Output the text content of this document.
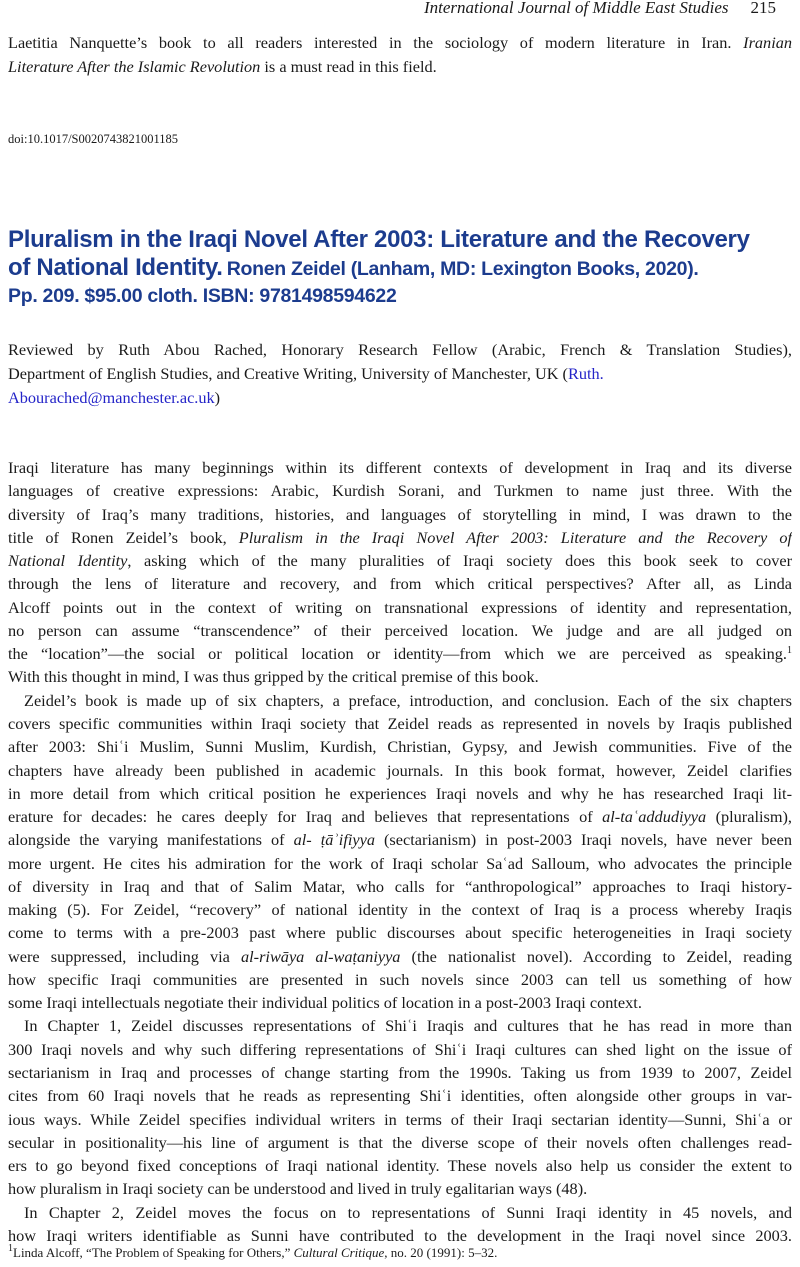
International Journal of Middle East Studies 215
Laetitia Nanquette’s book to all readers interested in the sociology of modern literature in Iran. Iranian
Literature After the Islamic Revolution is a must read in this field.
doi:10.1017/S0020743821001185
Pluralism in the Iraqi Novel After 2003: Literature and the Recovery
of National Identity. Ronen Zeidel (Lanham, MD: Lexington Books, 2020).
Pp. 209. $95.00 cloth. ISBN: 9781498594622
Reviewed by Ruth Abou Rached, Honorary Research Fellow (Arabic, French & Translation Studies),
Department of English Studies, and Creative Writing, University of Manchester, UK (Ruth.
Abourached@manchester.ac.uk)
Iraqi literature has many beginnings within its different contexts of development in Iraq and its diverse
languages of creative expressions: Arabic, Kurdish Sorani, and Turkmen to name just three. With the
diversity of Iraq’s many traditions, histories, and languages of storytelling in mind, I was drawn to the
title of Ronen Zeidel’s book, Pluralism in the Iraqi Novel After 2003: Literature and the Recovery of
National Identity, asking which of the many pluralities of Iraqi society does this book seek to cover
through the lens of literature and recovery, and from which critical perspectives? After all, as Linda
Alcoff points out in the context of writing on transnational expressions of identity and representation,
no person can assume “transcendence” of their perceived location. We judge and are all judged on
the “location”—the social or political location or identity—from which we are perceived as speaking.$^1$
With this thought in mind, I was thus gripped by the critical premise of this book.
Zeidel’s book is made up of six chapters, a preface, introduction, and conclusion. Each of the six chapters
covers specific communities within Iraqi society that Zeidel reads as represented in novels by Iraqis published
after 2003: Shiʿi Muslim, Sunni Muslim, Kurdish, Christian, Gypsy, and Jewish communities. Five of the
chapters have already been published in academic journals. In this book format, however, Zeidel clarifies
in more detail from which critical position he experiences Iraqi novels and why he has researched Iraqi lit-
erature for decades: he cares deeply for Iraq and believes that representations of al-taʿaddudiyya (pluralism),
alongside the varying manifestations of al- ṭāʾifiyya (sectarianism) in post-2003 Iraqi novels, have never been
more urgent. He cites his admiration for the work of Iraqi scholar Saʿad Salloum, who advocates the principle
of diversity in Iraq and that of Salim Matar, who calls for “anthropological” approaches to Iraqi history-
making (5). For Zeidel, “recovery” of national identity in the context of Iraq is a process whereby Iraqis
come to terms with a pre-2003 past where public discourses about specific heterogeneities in Iraqi society
were suppressed, including via al-riwāya al-waṭaniyya (the nationalist novel). According to Zeidel, reading
how specific Iraqi communities are presented in such novels since 2003 can tell us something of how
some Iraqi intellectuals negotiate their individual politics of location in a post-2003 Iraqi context.
In Chapter 1, Zeidel discusses representations of Shiʿi Iraqis and cultures that he has read in more than
300 Iraqi novels and why such differing representations of Shiʿi Iraqi cultures can shed light on the issue of
sectarianism in Iraq and processes of change starting from the 1990s. Taking us from 1939 to 2007, Zeidel
cites from 60 Iraqi novels that he reads as representing Shiʿi identities, often alongside other groups in var-
ious ways. While Zeidel specifies individual writers in terms of their Iraqi sectarian identity—Sunni, Shiʿa or
secular in positionality—his line of argument is that the diverse scope of their novels often challenges read-
ers to go beyond fixed conceptions of Iraqi national identity. These novels also help us consider the extent to
how pluralism in Iraqi society can be understood and lived in truly egalitarian ways (48).
In Chapter 2, Zeidel moves the focus on to representations of Sunni Iraqi identity in 45 novels, and
how Iraqi writers identifiable as Sunni have contributed to the development in the Iraqi novel since 2003.
$^1$Linda Alcoff, “The Problem of Speaking for Others,” Cultural Critique, no. 20 (1991): 5–32.
